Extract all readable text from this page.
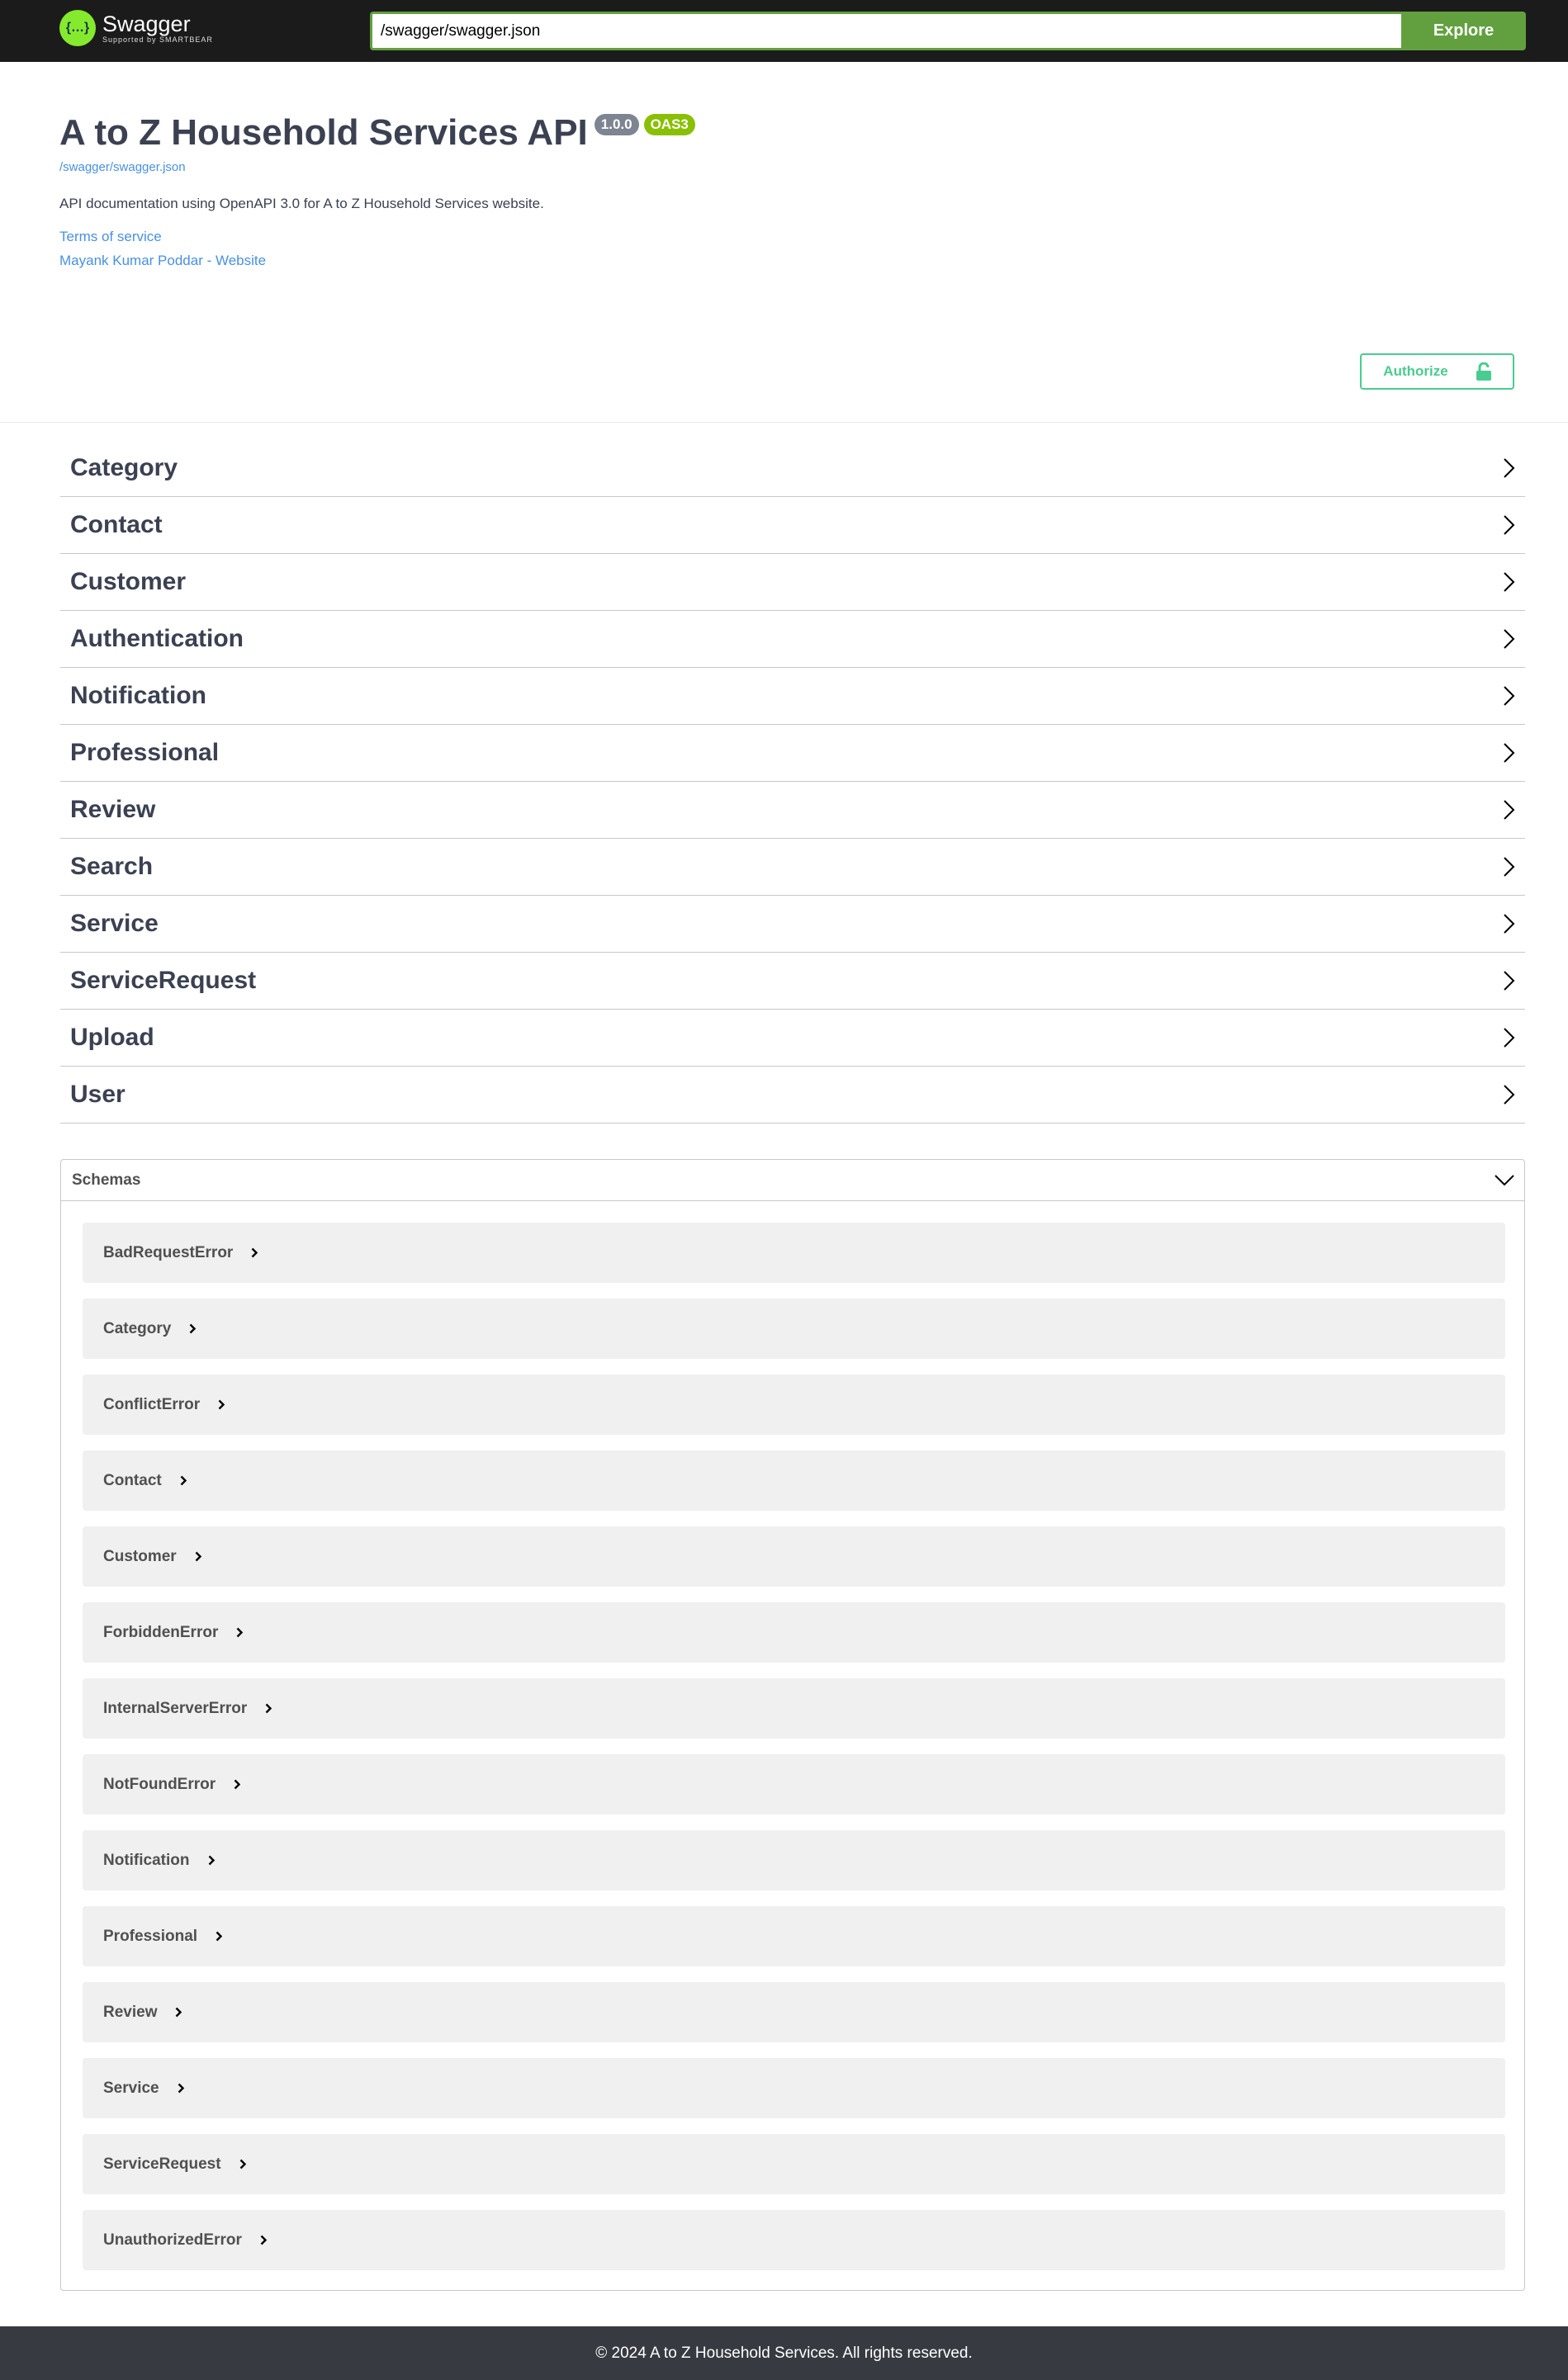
{…} Swagger
Supported by SMARTBEAR
/swagger/swagger.json	Explore
A to Z Household Services API 1.0.0	OAS3
/swagger/swagger.json
API documentation using OpenAPI 3.0 for A to Z Household Services website.
Terms of service
Mayank Kumar Poddar - Website
Authorize
Category
Contact
Customer
Authentication
Notification
Professional
Review
Search
Service
ServiceRequest
Upload
User
Schemas
BadRequestError
Category
ConflictError
Contact
Customer
ForbiddenError
InternalServerError
NotFoundError
Notification
Professional
Review
Service
ServiceRequest
UnauthorizedError
© 2024 A to Z Household Services. All rights reserved.
